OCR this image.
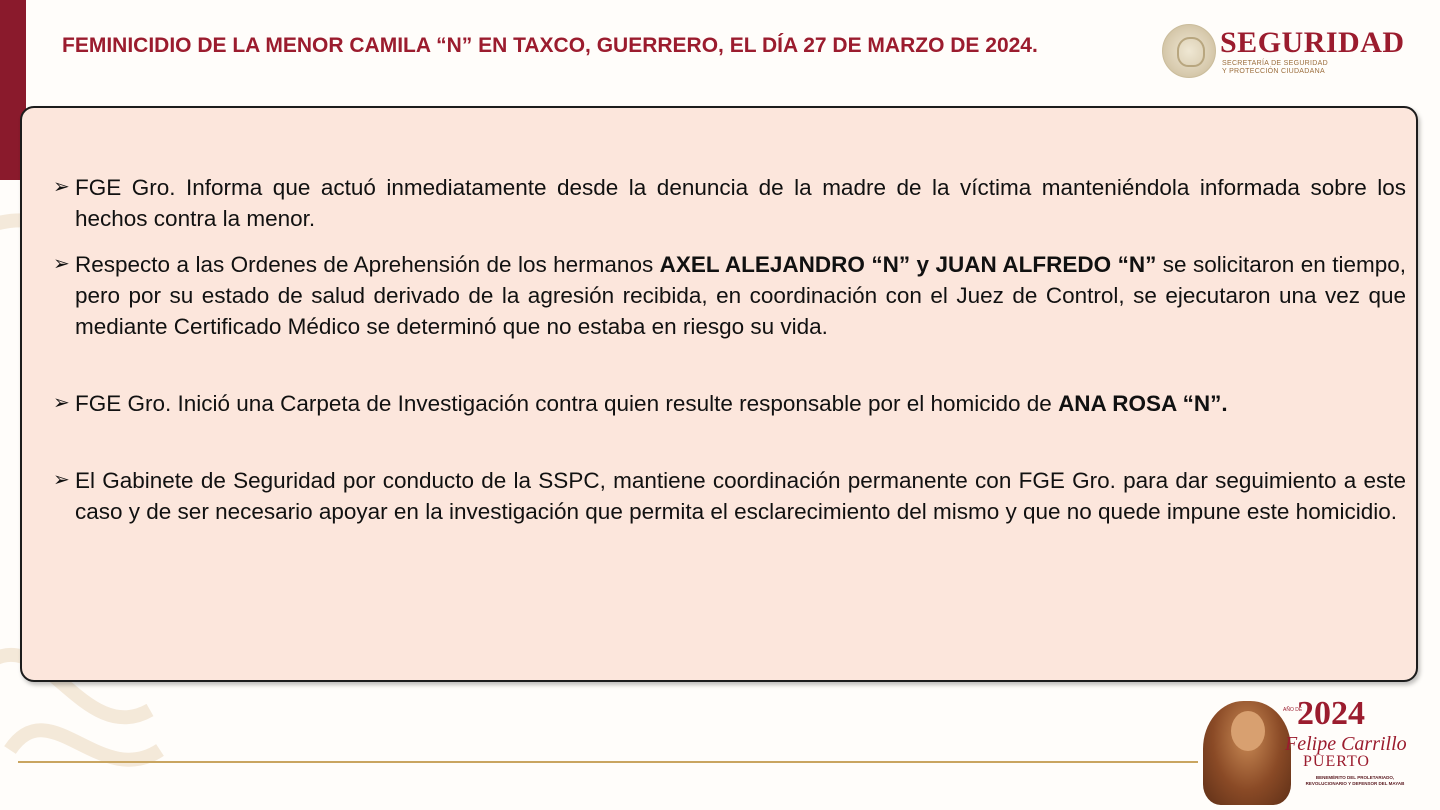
FEMINICIDIO DE LA MENOR CAMILA “N” EN TAXCO, GUERRERO, EL DÍA 27 DE MARZO DE 2024.	SEGURIDAD
SECRETARÍA DE SEGURIDAD
Y PROTECCIÓN CIUDADANA
➢ FGE Gro. Informa que actuó inmediatamente desde la denuncia de la madre de la víctima manteniéndola informada sobre los hechos contra la menor.
➢ Respecto a las Ordenes de Aprehensión de los hermanos AXEL ALEJANDRO “N” y JUAN ALFREDO “N” se solicitaron en tiempo, pero por su estado de salud derivado de la agresión recibida, en coordinación con el Juez de Control, se ejecutaron una vez que mediante Certificado Médico se determinó que no estaba en riesgo su vida.
➢ FGE Gro. Inició una Carpeta de Investigación contra quien resulte responsable por el homicido de ANA ROSA “N”.
➢ El Gabinete de Seguridad por conducto de la SSPC, mantiene coordinación permanente con FGE Gro. para dar seguimiento a este caso y de ser necesario apoyar en la investigación que permita el esclarecimiento del mismo y que no quede impune este homicidio.
AÑO DE
2024
Felipe Carrillo
PUERTO
BENEMÉRITO DEL PROLETARIADO, REVOLUCIONARIO Y DEFENSOR DEL MAYAB
